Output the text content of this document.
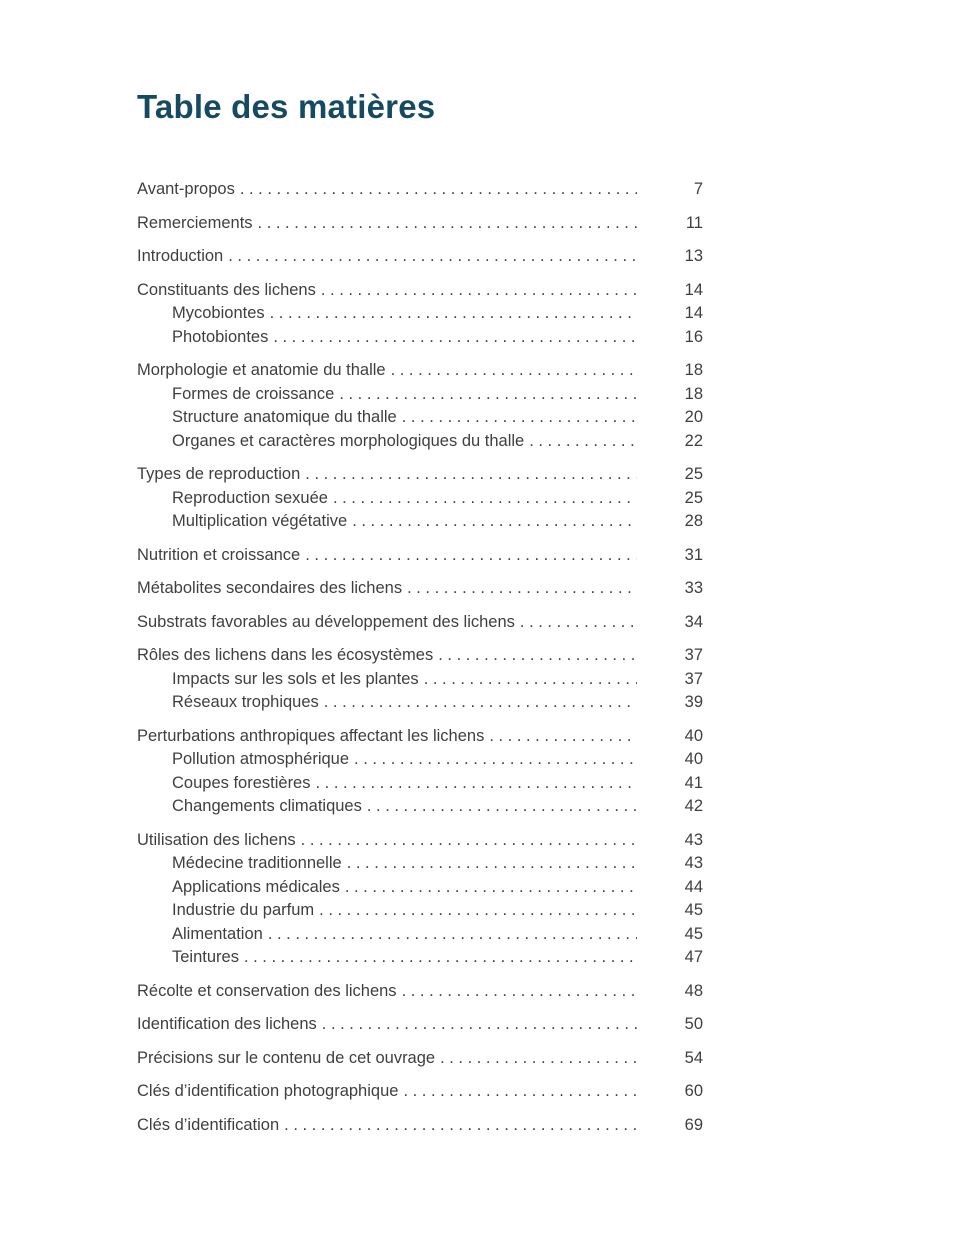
Table des matières
Avant-propos . . .	7
Remerciements . . .	11
Introduction . . .	13
Constituants des lichens . . .	14
Mycobiontes . . .	14
Photobiontes . . .	16
Morphologie et anatomie du thalle . . .	18
Formes de croissance . . .	18
Structure anatomique du thalle . . .	20
Organes et caractères morphologiques du thalle . . .	22
Types de reproduction . . .	25
Reproduction sexuée . . .	25
Multiplication végétative . . .	28
Nutrition et croissance . . .	31
Métabolites secondaires des lichens . . .	33
Substrats favorables au développement des lichens . . .	34
Rôles des lichens dans les écosystèmes . . .	37
Impacts sur les sols et les plantes . . .	37
Réseaux trophiques . . .	39
Perturbations anthropiques affectant les lichens . . .	40
Pollution atmosphérique . . .	40
Coupes forestières . . .	41
Changements climatiques . . .	42
Utilisation des lichens . . .	43
Médecine traditionnelle . . .	43
Applications médicales . . .	44
Industrie du parfum . . .	45
Alimentation . . .	45
Teintures . . .	47
Récolte et conservation des lichens . . .	48
Identification des lichens . . .	50
Précisions sur le contenu de cet ouvrage . . .	54
Clés d’identification photographique . . .	60
Clés d’identification . . .	69
